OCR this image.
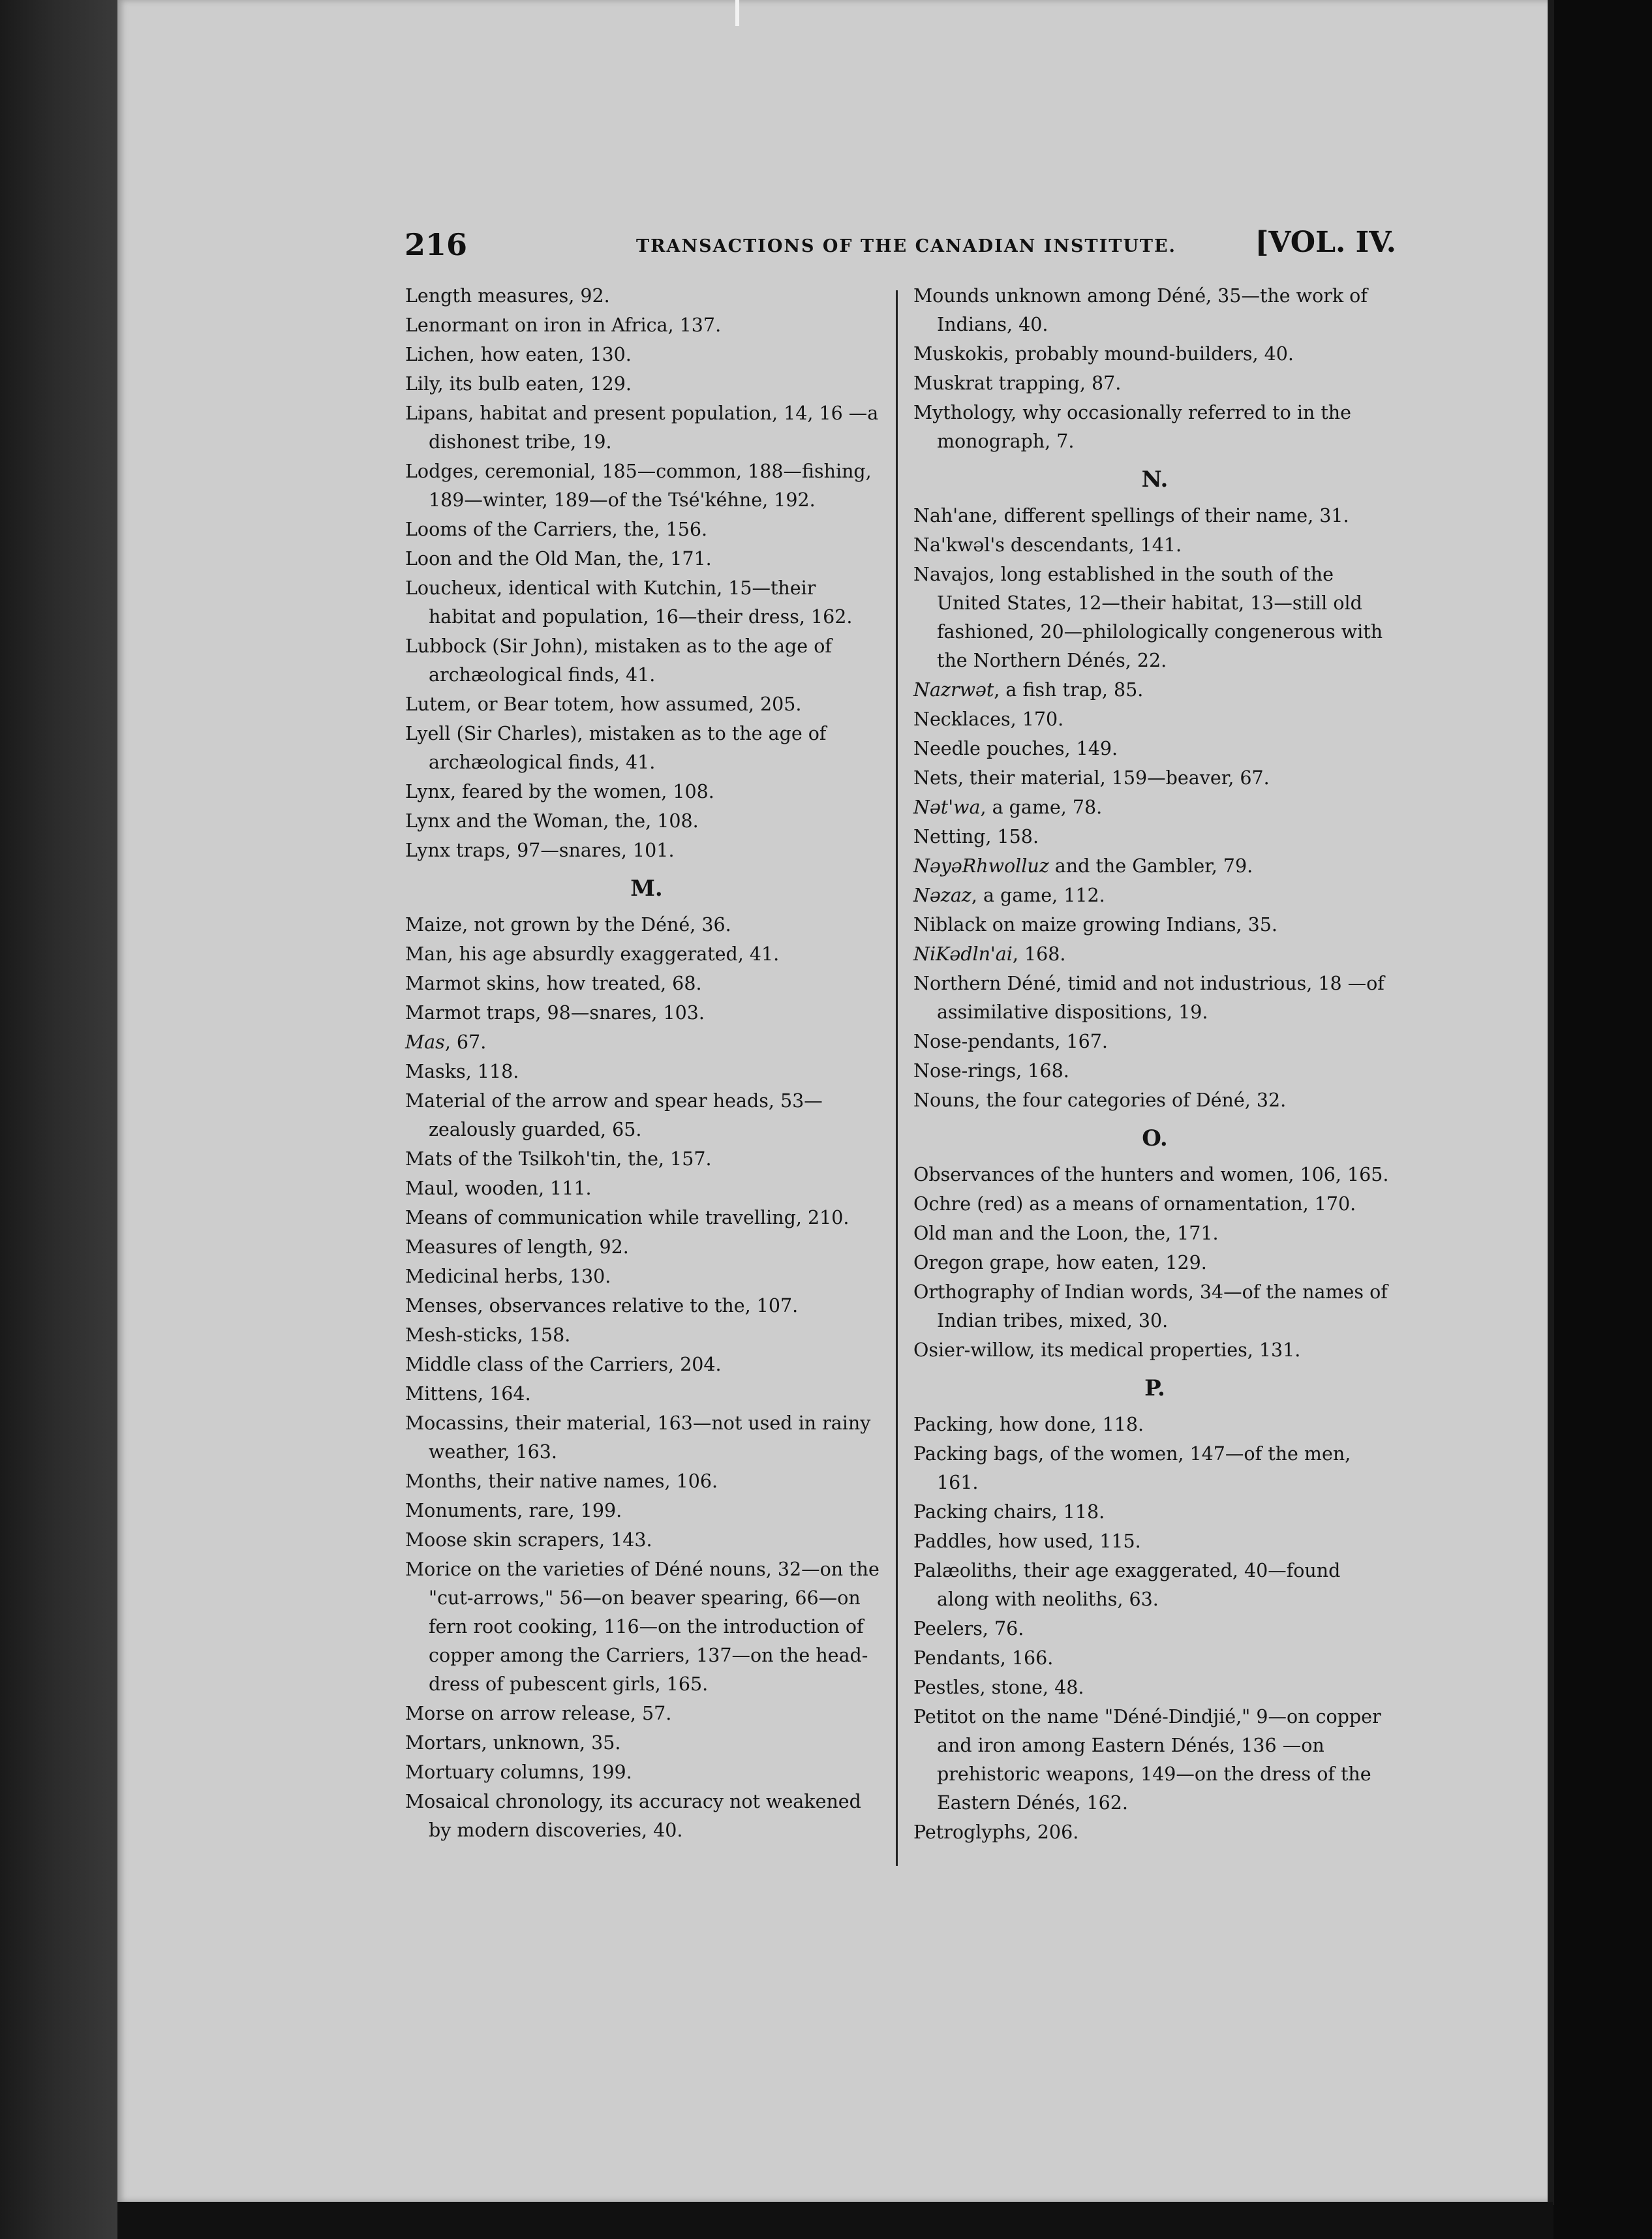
216	TRANSACTIONS OF THE CANADIAN INSTITUTE.	[VOL. IV.
Length measures, 92.
Lenormant on iron in Africa, 137.
Lichen, how eaten, 130.
Lily, its bulb eaten, 129.
Lipans, habitat and present population, 14, 16 —a dishonest tribe, 19.
Lodges, ceremonial, 185—common, 188—fishing, 189—winter, 189—of the Tsé'kéhne, 192.
Looms of the Carriers, the, 156.
Loon and the Old Man, the, 171.
Loucheux, identical with Kutchin, 15—their habitat and population, 16—their dress, 162.
Lubbock (Sir John), mistaken as to the age of archæological finds, 41.
Lutem, or Bear totem, how assumed, 205.
Lyell (Sir Charles), mistaken as to the age of archæological finds, 41.
Lynx, feared by the women, 108.
Lynx and the Woman, the, 108.
Lynx traps, 97—snares, 101.
M.
Maize, not grown by the Déné, 36.
Man, his age absurdly exaggerated, 41.
Marmot skins, how treated, 68.
Marmot traps, 98—snares, 103.
Mas, 67.
Masks, 118.
Material of the arrow and spear heads, 53—zealously guarded, 65.
Mats of the Tsilkoh'tin, the, 157.
Maul, wooden, 111.
Means of communication while travelling, 210.
Measures of length, 92.
Medicinal herbs, 130.
Menses, observances relative to the, 107.
Mesh-sticks, 158.
Middle class of the Carriers, 204.
Mittens, 164.
Mocassins, their material, 163—not used in rainy weather, 163.
Months, their native names, 106.
Monuments, rare, 199.
Moose skin scrapers, 143.
Morice on the varieties of Déné nouns, 32—on the "cut-arrows," 56—on beaver spearing, 66—on fern root cooking, 116—on the introduction of copper among the Carriers, 137—on the head-dress of pubescent girls, 165.
Morse on arrow release, 57.
Mortars, unknown, 35.
Mortuary columns, 199.
Mosaical chronology, its accuracy not weakened by modern discoveries, 40.
Mounds unknown among Déné, 35—the work of Indians, 40.
Muskokis, probably mound-builders, 40.
Muskrat trapping, 87.
Mythology, why occasionally referred to in the monograph, 7.
N.
Nah'ane, different spellings of their name, 31.
Na'kwəl's descendants, 141.
Navajos, long established in the south of the United States, 12—their habitat, 13—still old fashioned, 20—philologically congenerous with the Northern Dénés, 22.
Nazrwət, a fish trap, 85.
Necklaces, 170.
Needle pouches, 149.
Nets, their material, 159—beaver, 67.
Nət'wa, a game, 78.
Netting, 158.
NəyəRhwolluz and the Gambler, 79.
Nəzaz, a game, 112.
Niblack on maize growing Indians, 35.
NiKədln'ai, 168.
Northern Déné, timid and not industrious, 18 —of assimilative dispositions, 19.
Nose-pendants, 167.
Nose-rings, 168.
Nouns, the four categories of Déné, 32.
O.
Observances of the hunters and women, 106, 165.
Ochre (red) as a means of ornamentation, 170.
Old man and the Loon, the, 171.
Oregon grape, how eaten, 129.
Orthography of Indian words, 34—of the names of Indian tribes, mixed, 30.
Osier-willow, its medical properties, 131.
P.
Packing, how done, 118.
Packing bags, of the women, 147—of the men, 161.
Packing chairs, 118.
Paddles, how used, 115.
Palæoliths, their age exaggerated, 40—found along with neoliths, 63.
Peelers, 76.
Pendants, 166.
Pestles, stone, 48.
Petitot on the name "Déné-Dindjié," 9—on copper and iron among Eastern Dénés, 136 —on prehistoric weapons, 149—on the dress of the Eastern Dénés, 162.
Petroglyphs, 206.
